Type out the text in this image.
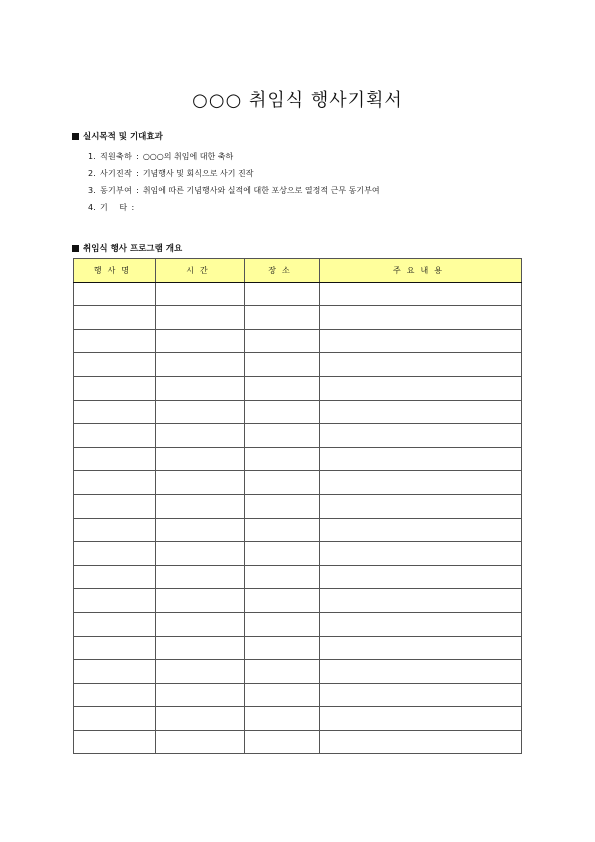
○○○ 취임식 행사기획서
실시목적 및 기대효과
1. 직원축하 : ○○○의 취임에 대한 축하
2. 사기진작 : 기념행사 및 회식으로 사기 진작
3. 동기부여 : 취임에 따른 기념행사와 실적에 대한 포상으로 열정적 근무 동기부여
4. 기    타 :
취임식 행사 프로그램 개요
행사명	시간	장소	주요내용
